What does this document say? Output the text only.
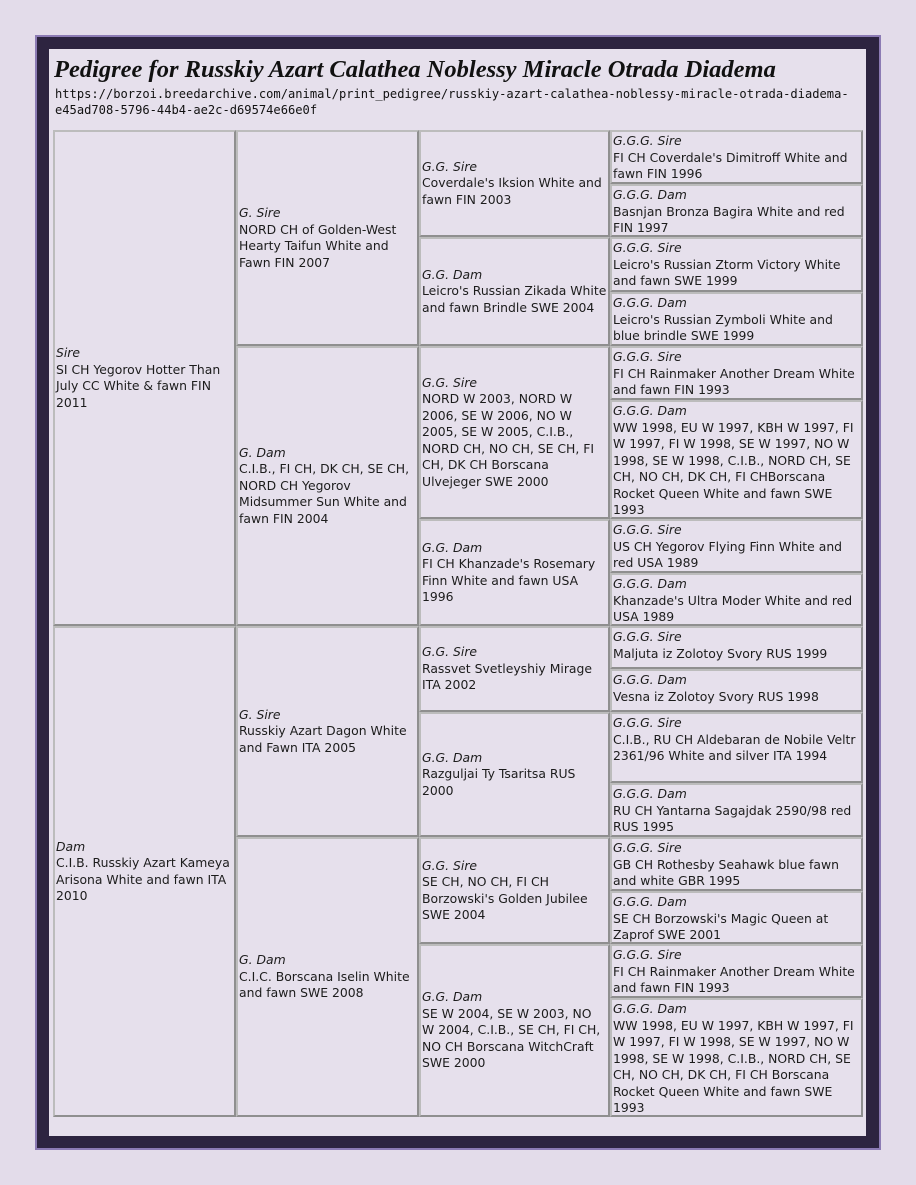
Pedigree for Russkiy Azart Calathea Noblessy Miracle Otrada Diadema

https://borzoi.breedarchive.com/animal/print_pedigree/russkiy-azart-calathea-noblessy-miracle-otrada-diadema-e45ad708-5796-44b4-ae2c-d69574e66e0f

Sire
SI CH Yegorov Hotter Than July CC White & fawn FIN 2011
Dam
C.I.B. Russkiy Azart Kameya Arisona White and fawn ITA 2010
G. Sire
NORD CH of Golden-West Hearty Taifun White and Fawn FIN 2007
G. Dam
C.I.B., FI CH, DK CH, SE CH, NORD CH Yegorov Midsummer Sun White and fawn FIN 2004
G. Sire
Russkiy Azart Dagon White and Fawn ITA 2005
G. Dam
C.I.C. Borscana Iselin White and fawn SWE 2008
G.G. Sire
Coverdale's Iksion White and fawn FIN 2003
G.G. Dam
Leicro's Russian Zikada White and fawn Brindle SWE 2004
G.G. Sire
NORD W 2003, NORD W 2006, SE W 2006, NO W 2005, SE W 2005, C.I.B., NORD CH, NO CH, SE CH, FI CH, DK CH Borscana Ulvejeger SWE 2000
G.G. Dam
FI CH Khanzade's Rosemary Finn White and fawn USA 1996
G.G. Sire
Rassvet Svetleyshiy Mirage ITA 2002
G.G. Dam
Razguljai Ty Tsaritsa RUS 2000
G.G. Sire
SE CH, NO CH, FI CH Borzowski's Golden Jubilee SWE 2004
G.G. Dam
SE W 2004, SE W 2003, NO W 2004, C.I.B., SE CH, FI CH, NO CH Borscana WitchCraft SWE 2000
G.G.G. Sire
FI CH Coverdale's Dimitroff White and fawn FIN 1996
G.G.G. Dam
Basnjan Bronza Bagira White and red FIN 1997
G.G.G. Sire
Leicro's Russian Ztorm Victory White and fawn SWE 1999
G.G.G. Dam
Leicro's Russian Zymboli White and blue brindle SWE 1999
G.G.G. Sire
FI CH Rainmaker Another Dream White and fawn FIN 1993
G.G.G. Dam
WW 1998, EU W 1997, KBH W 1997, FI W 1997, FI W 1998, SE W 1997, NO W 1998, SE W 1998, C.I.B., NORD CH, SE CH, NO CH, DK CH, FI CHBorscana Rocket Queen White and fawn SWE 1993
G.G.G. Sire
US CH Yegorov Flying Finn White and red USA 1989
G.G.G. Dam
Khanzade's Ultra Moder White and red USA 1989
G.G.G. Sire
Maljuta iz Zolotoy Svory RUS 1999
G.G.G. Dam
Vesna iz Zolotoy Svory RUS 1998
G.G.G. Sire
C.I.B., RU CH Aldebaran de Nobile Veltr 2361/96 White and silver ITA 1994
G.G.G. Dam
RU CH Yantarna Sagajdak 2590/98 red RUS 1995
G.G.G. Sire
GB CH Rothesby Seahawk blue fawn and white GBR 1995
G.G.G. Dam
SE CH Borzowski's Magic Queen at Zaprof SWE 2001
G.G.G. Sire
FI CH Rainmaker Another Dream White and fawn FIN 1993
G.G.G. Dam
WW 1998, EU W 1997, KBH W 1997, FI W 1997, FI W 1998, SE W 1997, NO W 1998, SE W 1998, C.I.B., NORD CH, SE CH, NO CH, DK CH, FI CH Borscana Rocket Queen White and fawn SWE 1993
